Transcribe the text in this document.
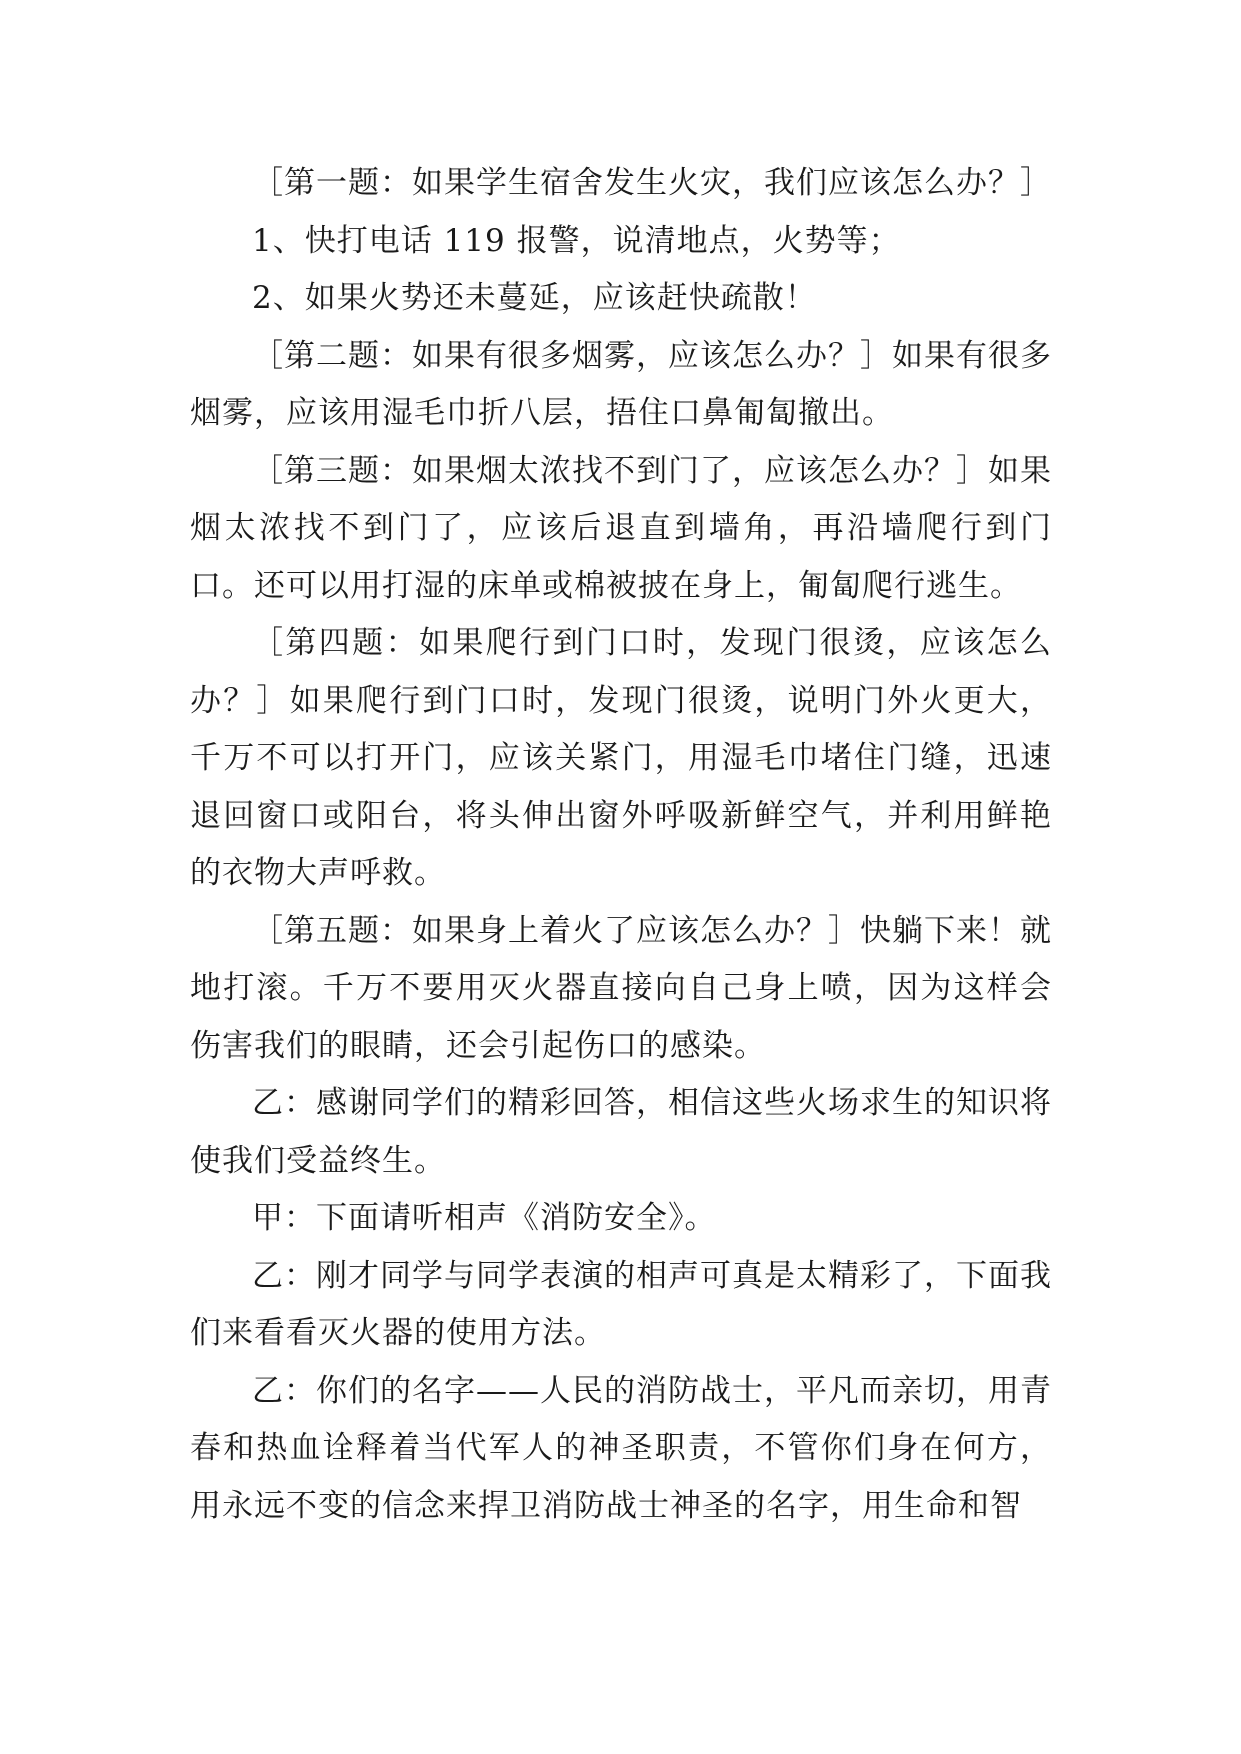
［第一题：如果学生宿舍发生火灾，我们应该怎么办？］

1、快打电话 119 报警，说清地点，火势等；

2、如果火势还未蔓延，应该赶快疏散！

［第二题：如果有很多烟雾，应该怎么办？］如果有很多烟雾，应该用湿毛巾折八层，捂住口鼻匍匐撤出。

［第三题：如果烟太浓找不到门了，应该怎么办？］如果烟太浓找不到门了，应该后退直到墙角，再沿墙爬行到门口。还可以用打湿的床单或棉被披在身上，匍匐爬行逃生。

［第四题：如果爬行到门口时，发现门很烫，应该怎么办？］如果爬行到门口时，发现门很烫，说明门外火更大，千万不可以打开门，应该关紧门，用湿毛巾堵住门缝，迅速退回窗口或阳台，将头伸出窗外呼吸新鲜空气，并利用鲜艳的衣物大声呼救。

［第五题：如果身上着火了应该怎么办？］快躺下来！就地打滚。千万不要用灭火器直接向自己身上喷，因为这样会伤害我们的眼睛，还会引起伤口的感染。

乙：感谢同学们的精彩回答，相信这些火场求生的知识将使我们受益终生。

甲：下面请听相声《消防安全》。

乙：刚才同学与同学表演的相声可真是太精彩了，下面我们来看看灭火器的使用方法。

乙：你们的名字——人民的消防战士，平凡而亲切，用青春和热血诠释着当代军人的神圣职责，不管你们身在何方，用永远不变的信念来捍卫消防战士神圣的名字，用生命和智
